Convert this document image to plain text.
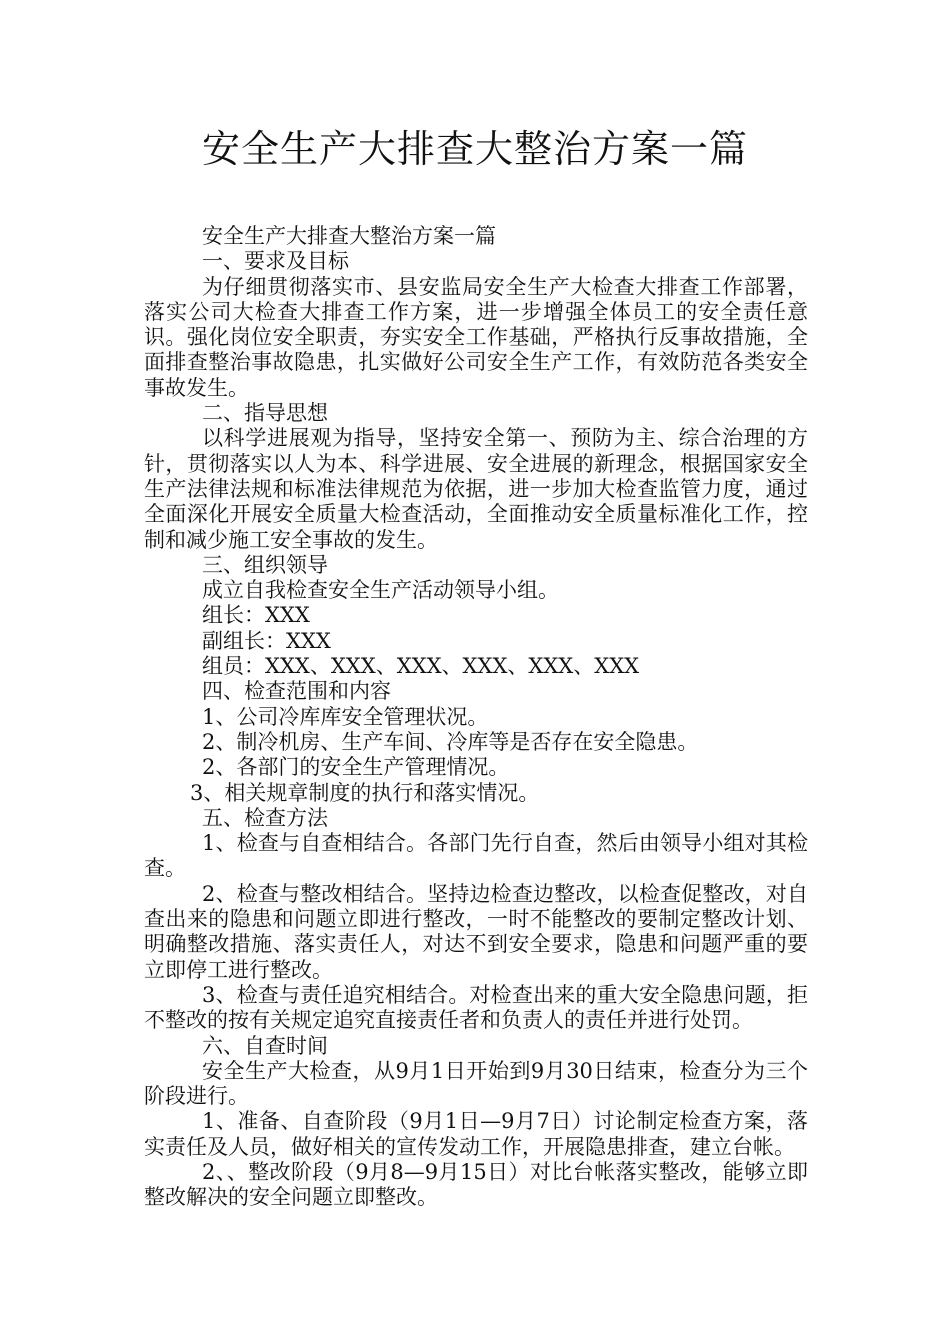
安全生产大排查大整治方案一篇

安全生产大排查大整治方案一篇

一、要求及目标

为仔细贯彻落实市、县安监局安全生产大检查大排查工作部署，落实公司大检查大排查工作方案，进一步增强全体员工的安全责任意识。强化岗位安全职责，夯实安全工作基础，严格执行反事故措施，全面排查整治事故隐患，扎实做好公司安全生产工作，有效防范各类安全事故发生。

二、指导思想

以科学进展观为指导，坚持安全第一、预防为主、综合治理的方针，贯彻落实以人为本、科学进展、安全进展的新理念，根据国家安全生产法律法规和标准法律规范为依据，进一步加大检查监管力度，通过全面深化开展安全质量大检查活动，全面推动安全质量标准化工作，控制和减少施工安全事故的发生。

三、组织领导

成立自我检查安全生产活动领导小组。

组长：XXX

副组长：XXX

组员：XXX、XXX、XXX、XXX、XXX、XXX

四、检查范围和内容

1、公司冷库库安全管理状况。

2、制冷机房、生产车间、冷库等是否存在安全隐患。

2、各部门的安全生产管理情况。

3、相关规章制度的执行和落实情况。

五、检查方法

1、检查与自查相结合。各部门先行自查，然后由领导小组对其检查。

2、检查与整改相结合。坚持边检查边整改，以检查促整改，对自查出来的隐患和问题立即进行整改，一时不能整改的要制定整改计划、明确整改措施、落实责任人，对达不到安全要求，隐患和问题严重的要立即停工进行整改。

3、检查与责任追究相结合。对检查出来的重大安全隐患问题，拒不整改的按有关规定追究直接责任者和负责人的责任并进行处罚。

六、自查时间

安全生产大检查，从9月1日开始到9月30日结束，检查分为三个阶段进行。

1、准备、自查阶段（9月1日—9月7日）讨论制定检查方案，落实责任及人员，做好相关的宣传发动工作，开展隐患排查，建立台帐。

2、、整改阶段（9月8—9月15日）对比台帐落实整改，能够立即整改解决的安全问题立即整改。
